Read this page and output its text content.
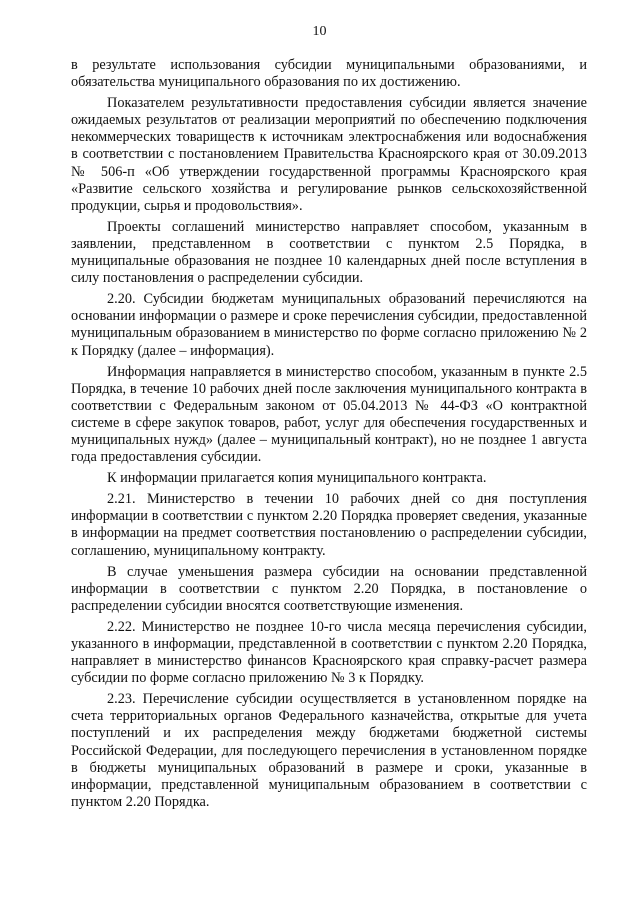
10

в результате использования субсидии муниципальными образованиями, и обязательства муниципального образования по их достижению.

Показателем результативности предоставления субсидии является значение ожидаемых результатов от реализации мероприятий по обеспечению подключения некоммерческих товариществ к источникам электроснабжения или водоснабжения в соответствии с постановлением Правительства Красноярского края от 30.09.2013 № 506-п «Об утверждении государственной программы Красноярского края «Развитие сельского хозяйства и регулирование рынков сельскохозяйственной продукции, сырья и продовольствия».

Проекты соглашений министерство направляет способом, указанным в заявлении, представленном в соответствии с пунктом 2.5 Порядка, в муниципальные образования не позднее 10 календарных дней после вступления в силу постановления о распределении субсидии.

2.20. Субсидии бюджетам муниципальных образований перечисляются на основании информации о размере и сроке перечисления субсидии, предоставленной муниципальным образованием в министерство по форме согласно приложению № 2 к Порядку (далее – информация).

Информация направляется в министерство способом, указанным в пункте 2.5 Порядка, в течение 10 рабочих дней после заключения муниципального контракта в соответствии с Федеральным законом от 05.04.2013 № 44-ФЗ «О контрактной системе в сфере закупок товаров, работ, услуг для обеспечения государственных и муниципальных нужд» (далее – муниципальный контракт), но не позднее 1 августа года предоставления субсидии.

К информации прилагается копия муниципального контракта.

2.21. Министерство в течении 10 рабочих дней со дня поступления информации в соответствии с пунктом 2.20 Порядка проверяет сведения, указанные в информации на предмет соответствия постановлению о распределении субсидии, соглашению, муниципальному контракту.

В случае уменьшения размера субсидии на основании представленной информации в соответствии с пунктом 2.20 Порядка, в постановление о распределении субсидии вносятся соответствующие изменения.

2.22. Министерство не позднее 10-го числа месяца перечисления субсидии, указанного в информации, представленной в соответствии с пунктом 2.20 Порядка, направляет в министерство финансов Красноярского края справку-расчет размера субсидии по форме согласно приложению № 3 к Порядку.

2.23. Перечисление субсидии осуществляется в установленном порядке на счета территориальных органов Федерального казначейства, открытые для учета поступлений и их распределения между бюджетами бюджетной системы Российской Федерации, для последующего перечисления в установленном порядке в бюджеты муниципальных образований в размере и сроки, указанные в информации, представленной муниципальным образованием в соответствии с пунктом 2.20 Порядка.
